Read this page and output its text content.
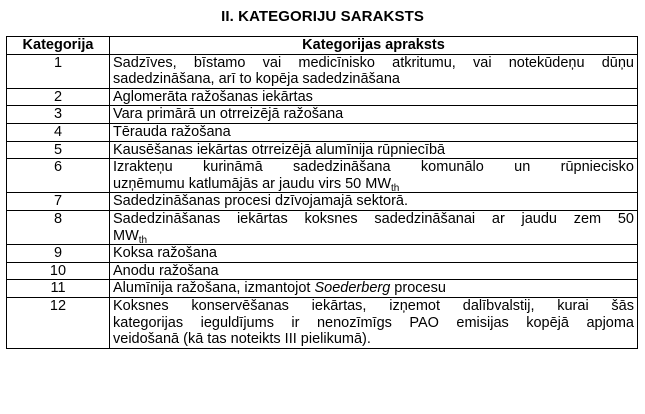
II. KATEGORIJU SARAKSTS
Kategorija	Kategorijas apraksts
1	Sadzīves, bīstamo vai medicīnisko atkritumu, vai notekūdeņu dūņu
sadedzināšana, arī to kopēja sadedzināšana

2	Aglomerāta ražošanas iekārtas

3	Vara primārā un otrreizējā ražošana

4	Tērauda ražošana

5	Kausēšanas iekārtas otrreizējā alumīnija rūpniecībā

6	Izrakteņu kurināmā sadedzināšana komunālo un rūpniecisko
uzņēmumu katlumājās ar jaudu virs 50 $MW_{th}$

7	Sadedzināšanas procesi dzīvojamajā sektorā.

8	Sadedzināšanas iekārtas koksnes sadedzināšanai ar jaudu zem 50
$MW_{th}$

9	Koksa ražošana

10	Anodu ražošana

11	Alumīnija ražošana, izmantojot Soederberg procesu

12	Koksnes konservēšanas iekārtas, izņemot dalībvalstij, kurai šās
kategorijas ieguldījums ir nenozīmīgs PAO emisijas kopējā apjoma
veidošanā (kā tas noteikts III pielikumā).
